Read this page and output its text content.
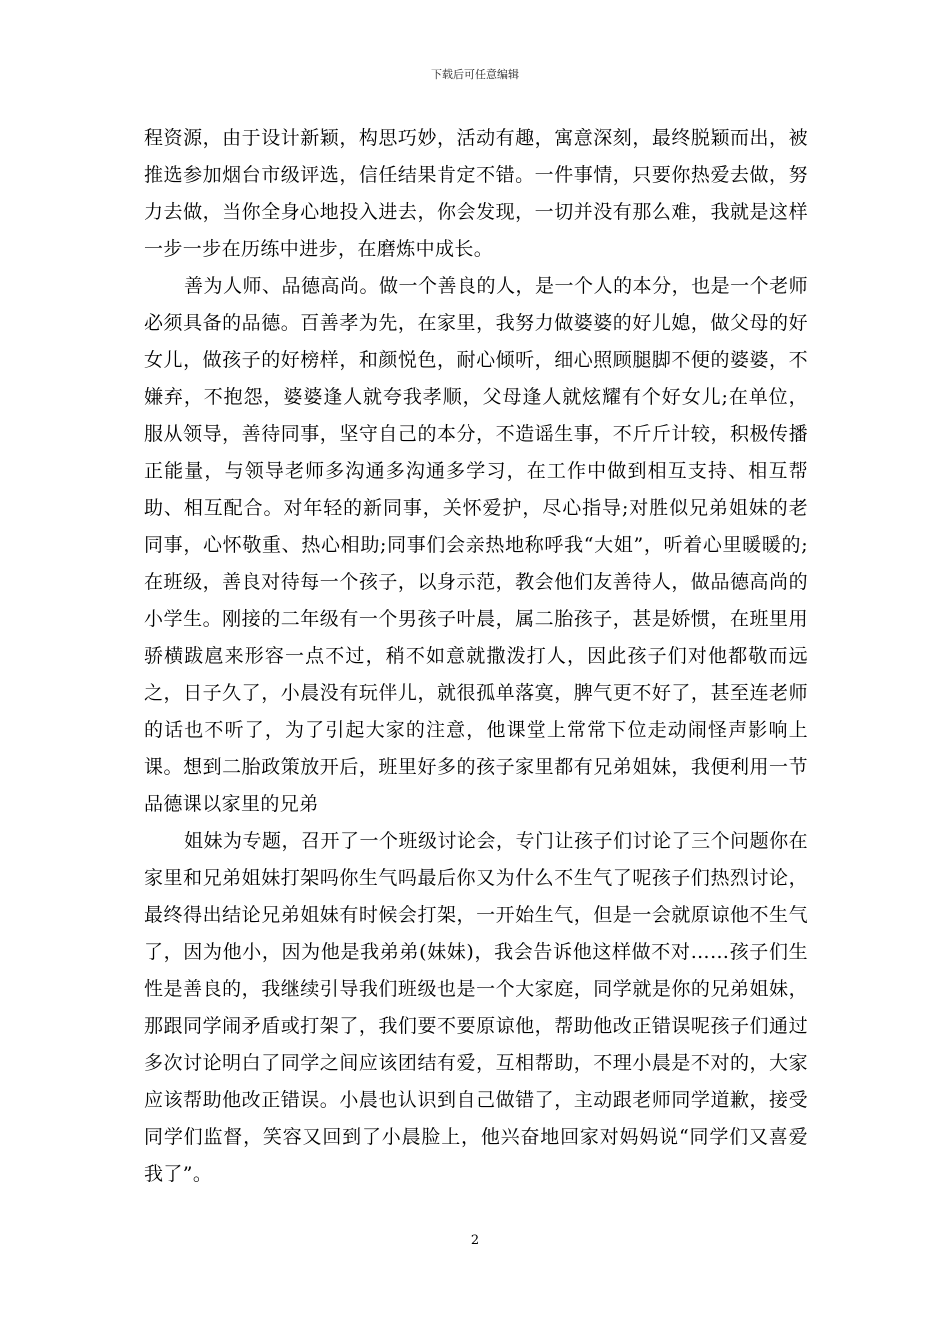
下载后可任意编辑

程资源，由于设计新颖，构思巧妙，活动有趣，寓意深刻，最终脱颖而出，被推选参加烟台市级评选，信任结果肯定不错。一件事情，只要你热爱去做，努力去做，当你全身心地投入进去，你会发现，一切并没有那么难，我就是这样一步一步在历练中进步，在磨炼中成长。

善为人师、品德高尚。做一个善良的人，是一个人的本分，也是一个老师必须具备的品德。百善孝为先，在家里，我努力做婆婆的好儿媳，做父母的好女儿，做孩子的好榜样，和颜悦色，耐心倾听，细心照顾腿脚不便的婆婆，不嫌弃，不抱怨，婆婆逢人就夸我孝顺，父母逢人就炫耀有个好女儿;在单位，服从领导，善待同事，坚守自己的本分，不造谣生事，不斤斤计较，积极传播正能量，与领导老师多沟通多沟通多学习，在工作中做到相互支持、相互帮助、相互配合。对年轻的新同事，关怀爱护，尽心指导;对胜似兄弟姐妹的老同事，心怀敬重、热心相助;同事们会亲热地称呼我“大姐”，听着心里暖暖的;在班级，善良对待每一个孩子，以身示范，教会他们友善待人，做品德高尚的小学生。刚接的二年级有一个男孩子叶晨，属二胎孩子，甚是娇惯，在班里用骄横跋扈来形容一点不过，稍不如意就撒泼打人，因此孩子们对他都敬而远之，日子久了，小晨没有玩伴儿，就很孤单落寞，脾气更不好了，甚至连老师的话也不听了，为了引起大家的注意，他课堂上常常下位走动闹怪声影响上课。想到二胎政策放开后，班里好多的孩子家里都有兄弟姐妹，我便利用一节品德课以家里的兄弟

姐妹为专题，召开了一个班级讨论会，专门让孩子们讨论了三个问题你在家里和兄弟姐妹打架吗你生气吗最后你又为什么不生气了呢孩子们热烈讨论，最终得出结论兄弟姐妹有时候会打架，一开始生气，但是一会就原谅他不生气了，因为他小，因为他是我弟弟(妹妹)，我会告诉他这样做不对……孩子们生性是善良的，我继续引导我们班级也是一个大家庭，同学就是你的兄弟姐妹，那跟同学闹矛盾或打架了，我们要不要原谅他，帮助他改正错误呢孩子们通过多次讨论明白了同学之间应该团结有爱，互相帮助，不理小晨是不对的，大家应该帮助他改正错误。小晨也认识到自己做错了，主动跟老师同学道歉，接受同学们监督，笑容又回到了小晨脸上，他兴奋地回家对妈妈说“同学们又喜爱我了”。

2
